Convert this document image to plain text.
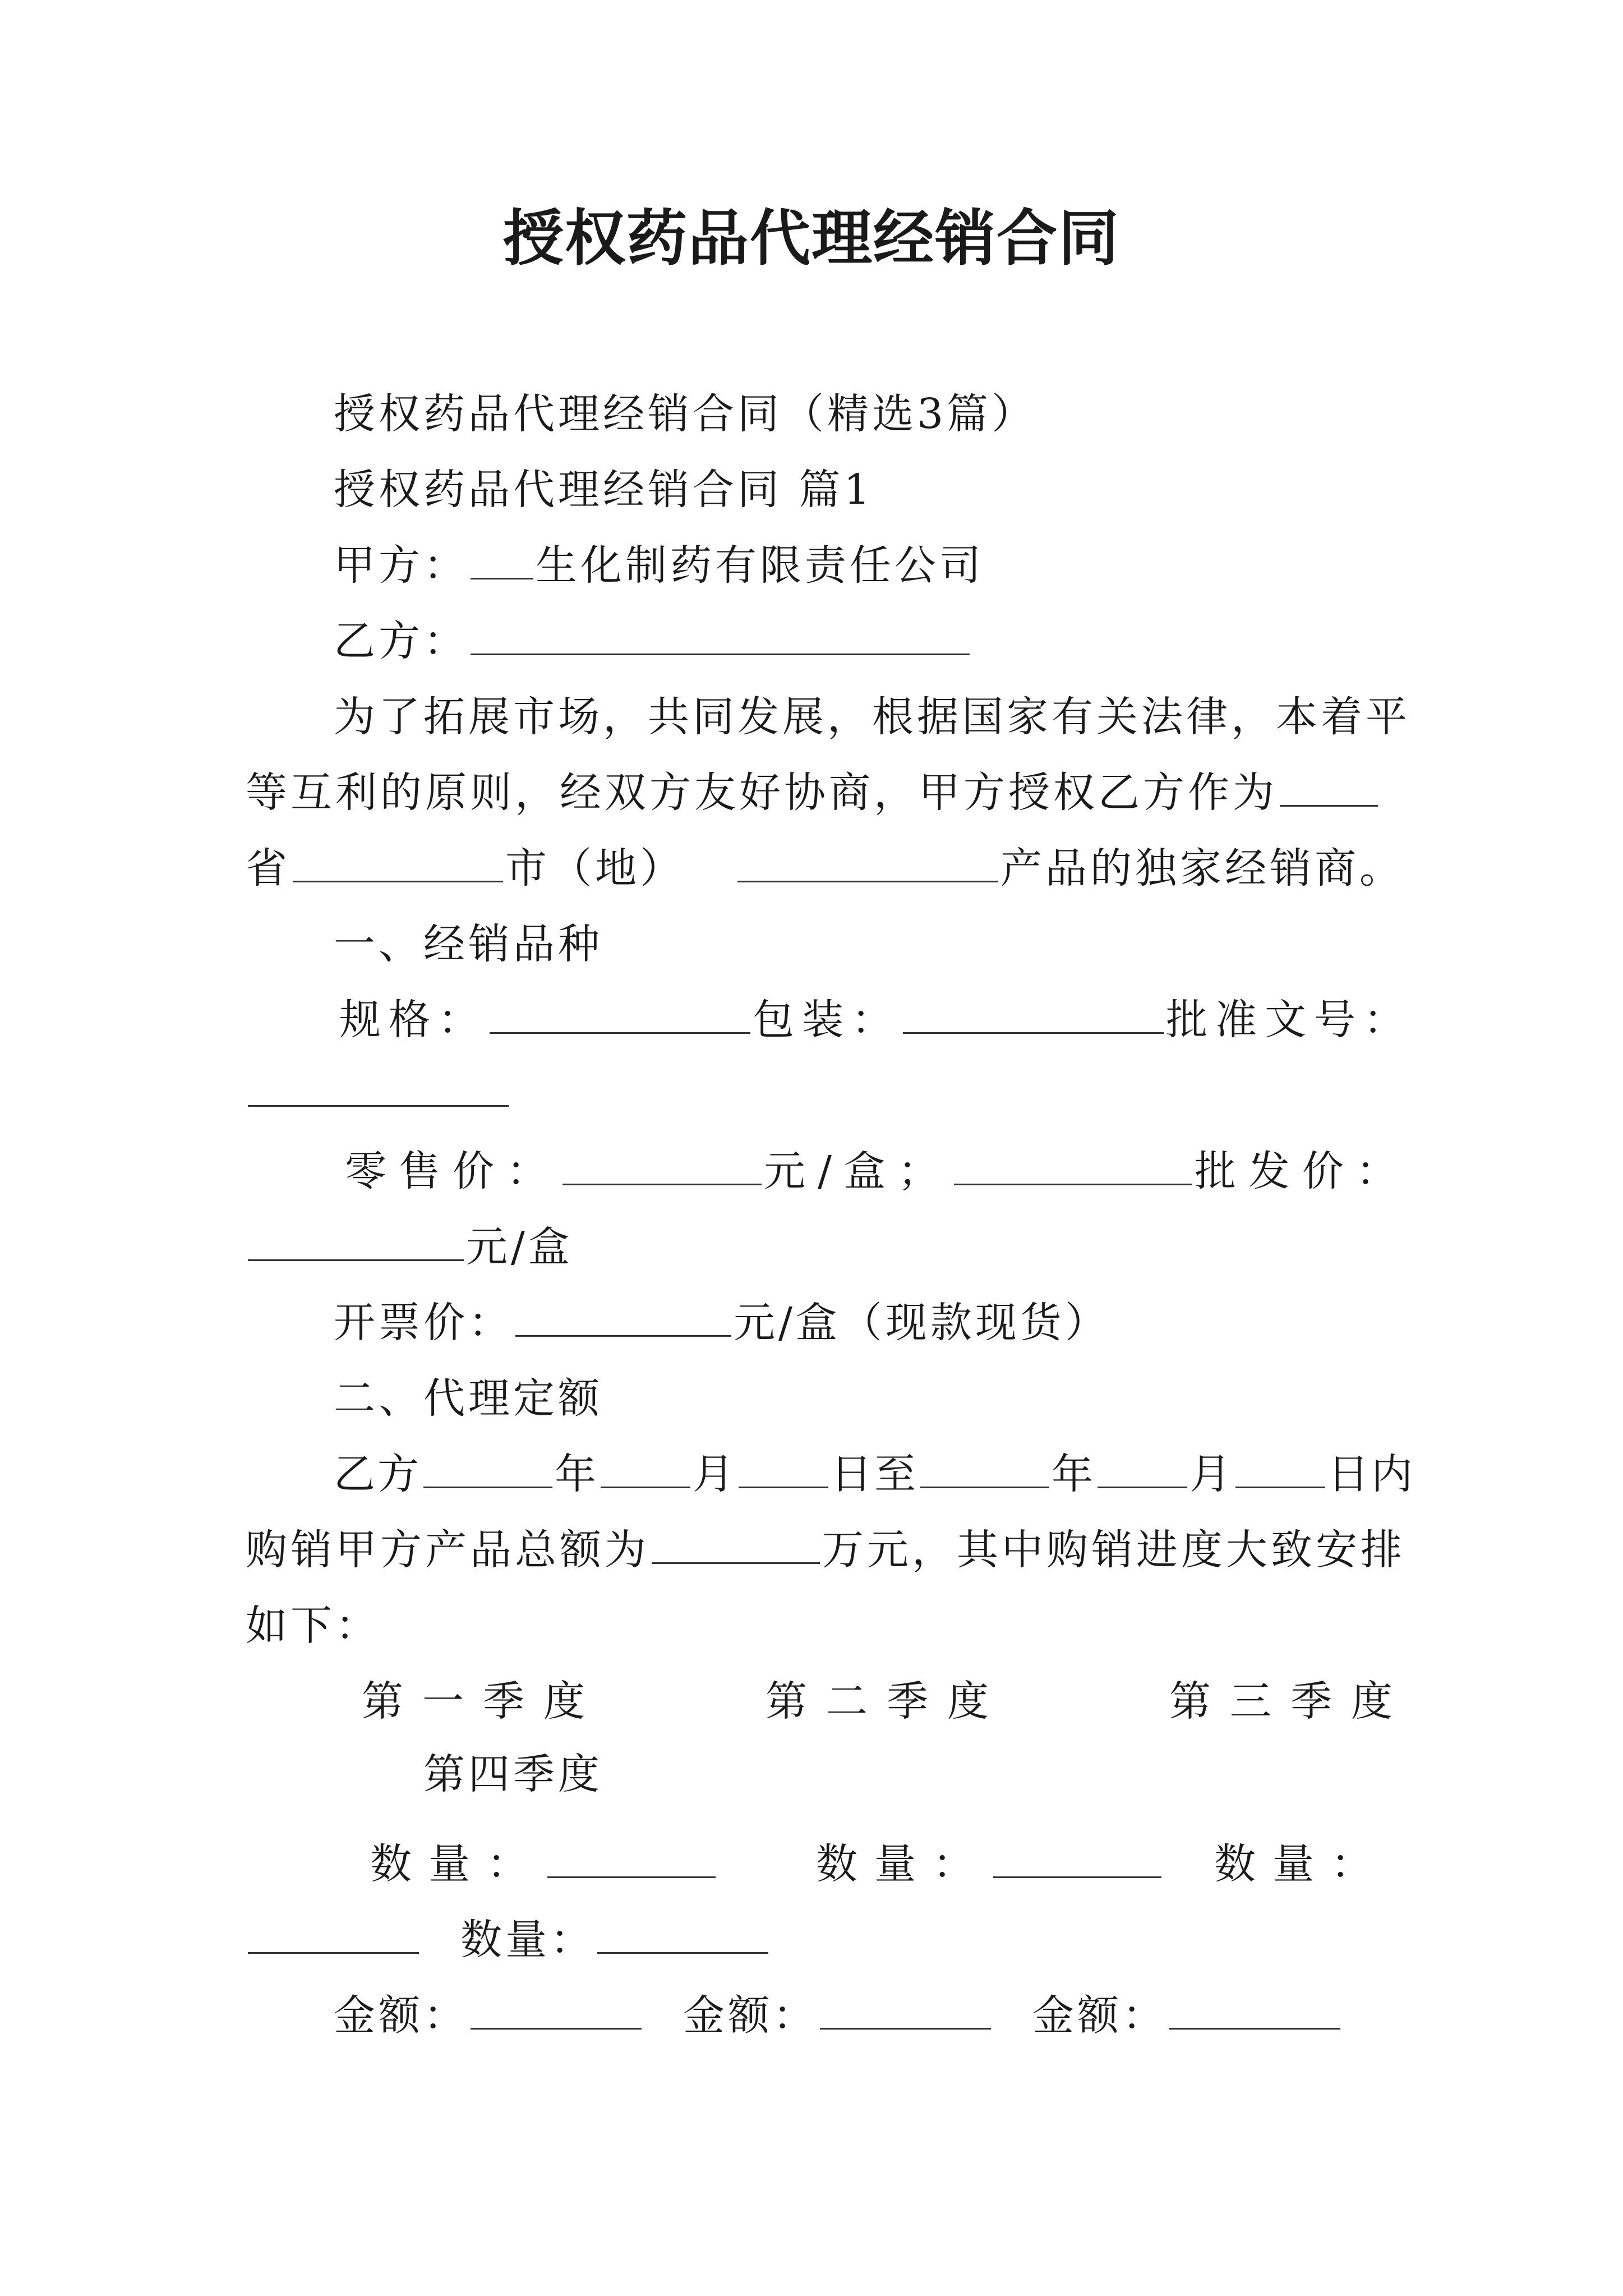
授权药品代理经销合同
授权药品代理经销合同（精选3篇）
授权药品代理经销合同 篇1
甲方： 生化制药有限责任公司
乙方：
为了拓展市场，共同发展，根据国家有关法律，本着平
等互利的原则，经双方友好协商，甲方授权乙方作为
省	市（地）	产品的独家经销商。
一、经销品种
规格：	包装：	批准文号：
零售价：	元/盒；	批发价：
元/盒
开票价：	元/盒（现款现货）
二、代理定额
乙方	年 月 日至	年 月 日内
购销甲方产品总额为	万元，其中购销进度大致安排
如下：
第一季度	第二季度	第三季度
第四季度
数量：	数量：	数量：
数量：
金额：	金额：	金额：
